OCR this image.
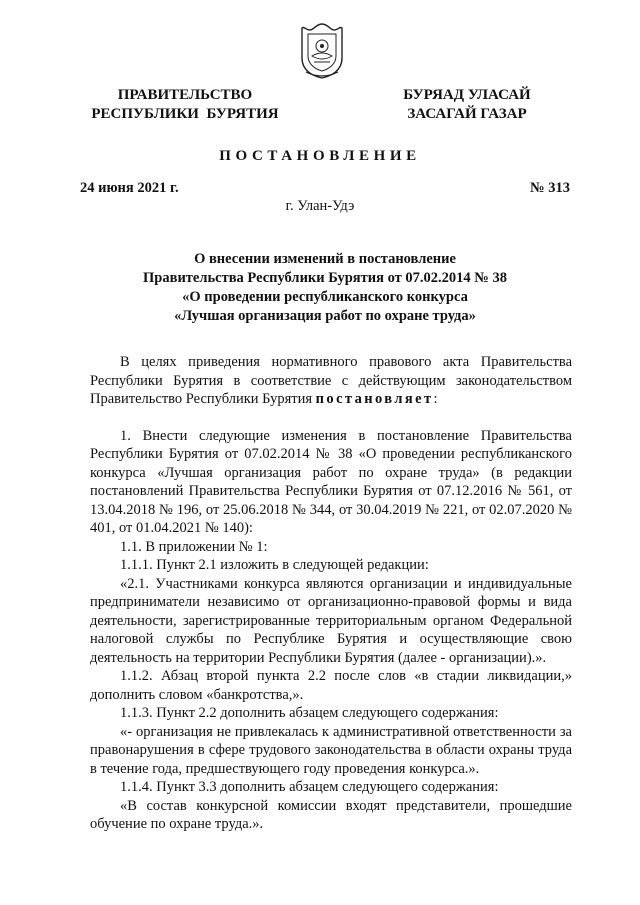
ПРАВИТЕЛЬСТВО
РЕСПУБЛИКИ  БУРЯТИЯ
БУРЯАД УЛАСАЙ
ЗАСАГАЙ ГАЗАР
ПОСТАНОВЛЕНИЕ
24 июня 2021 г.	№ 313
г. Улан-Удэ
О внесении изменений в постановление
Правительства Республики Бурятия от 07.02.2014 № 38
«О проведении республиканского конкурса
«Лучшая организация работ по охране труда»

В целях приведения нормативного правового акта Правительства Республики Бурятия в соответствие с действующим законодательством Правительство Республики Бурятия постановляет:

1. Внести следующие изменения в постановление Правительства Республики Бурятия от 07.02.2014 № 38 «О проведении республиканского конкурса «Лучшая организация работ по охране труда» (в редакции постановлений Правительства Республики Бурятия от 07.12.2016 № 561, от 13.04.2018 № 196, от 25.06.2018 № 344, от 30.04.2019 № 221, от 02.07.2020 № 401, от 01.04.2021 № 140):

1.1. В приложении № 1:

1.1.1. Пункт 2.1 изложить в следующей редакции:

«2.1. Участниками конкурса являются организации и индивидуальные предприниматели независимо от организационно-правовой формы и вида деятельности, зарегистрированные территориальным органом Федеральной налоговой службы по Республике Бурятия и осуществляющие свою деятельность на территории Республики Бурятия (далее - организации).».

1.1.2. Абзац второй пункта 2.2 после слов «в стадии ликвидации,» дополнить словом «банкротства,».

1.1.3. Пункт 2.2 дополнить абзацем следующего содержания:

«- организация не привлекалась к административной ответственности за правонарушения в сфере трудового законодательства в области охраны труда в течение года, предшествующего году проведения конкурса.».

1.1.4. Пункт 3.3 дополнить абзацем следующего содержания:

«В состав конкурсной комиссии входят представители, прошедшие обучение по охране труда.».
